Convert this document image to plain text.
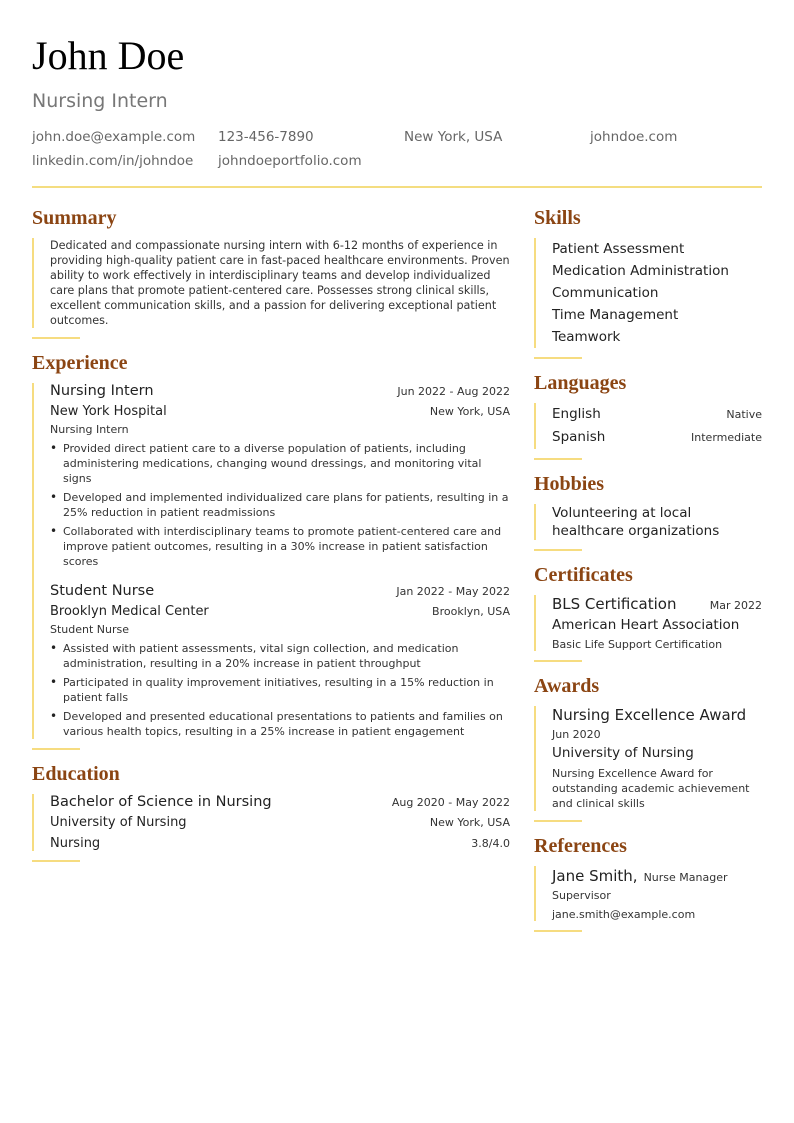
John Doe
Nursing Intern
john.doe@example.com	123-456-7890	New York, USA	johndoe.com
linkedin.com/in/johndoe	johndoeportfolio.com
Summary
Dedicated and compassionate nursing intern with 6-12 months of experience in providing high-quality patient care in fast-paced healthcare environments. Proven ability to work effectively in interdisciplinary teams and develop individualized care plans that promote patient-centered care. Possesses strong clinical skills, excellent communication skills, and a passion for delivering exceptional patient outcomes.
Experience
Nursing Intern	Jun 2022 - Aug 2022
New York Hospital	New York, USA
Nursing Intern
• Provided direct patient care to a diverse population of patients, including administering medications, changing wound dressings, and monitoring vital signs
• Developed and implemented individualized care plans for patients, resulting in a 25% reduction in patient readmissions
• Collaborated with interdisciplinary teams to promote patient-centered care and improve patient outcomes, resulting in a 30% increase in patient satisfaction scores
Student Nurse	Jan 2022 - May 2022
Brooklyn Medical Center	Brooklyn, USA
Student Nurse
• Assisted with patient assessments, vital sign collection, and medication administration, resulting in a 20% increase in patient throughput
• Participated in quality improvement initiatives, resulting in a 15% reduction in patient falls
• Developed and presented educational presentations to patients and families on various health topics, resulting in a 25% increase in patient engagement
Education
Bachelor of Science in Nursing	Aug 2020 - May 2022
University of Nursing	New York, USA
Nursing	3.8/4.0
Skills
Patient Assessment
Medication Administration
Communication
Time Management
Teamwork
Languages
English	Native
Spanish	Intermediate
Hobbies
Volunteering at local healthcare organizations
Certificates
BLS Certification	Mar 2022
American Heart Association
Basic Life Support Certification
Awards
Nursing Excellence Award
Jun 2020
University of Nursing
Nursing Excellence Award for outstanding academic achievement and clinical skills
References
Jane Smith, Nurse Manager
Supervisor
jane.smith@example.com
